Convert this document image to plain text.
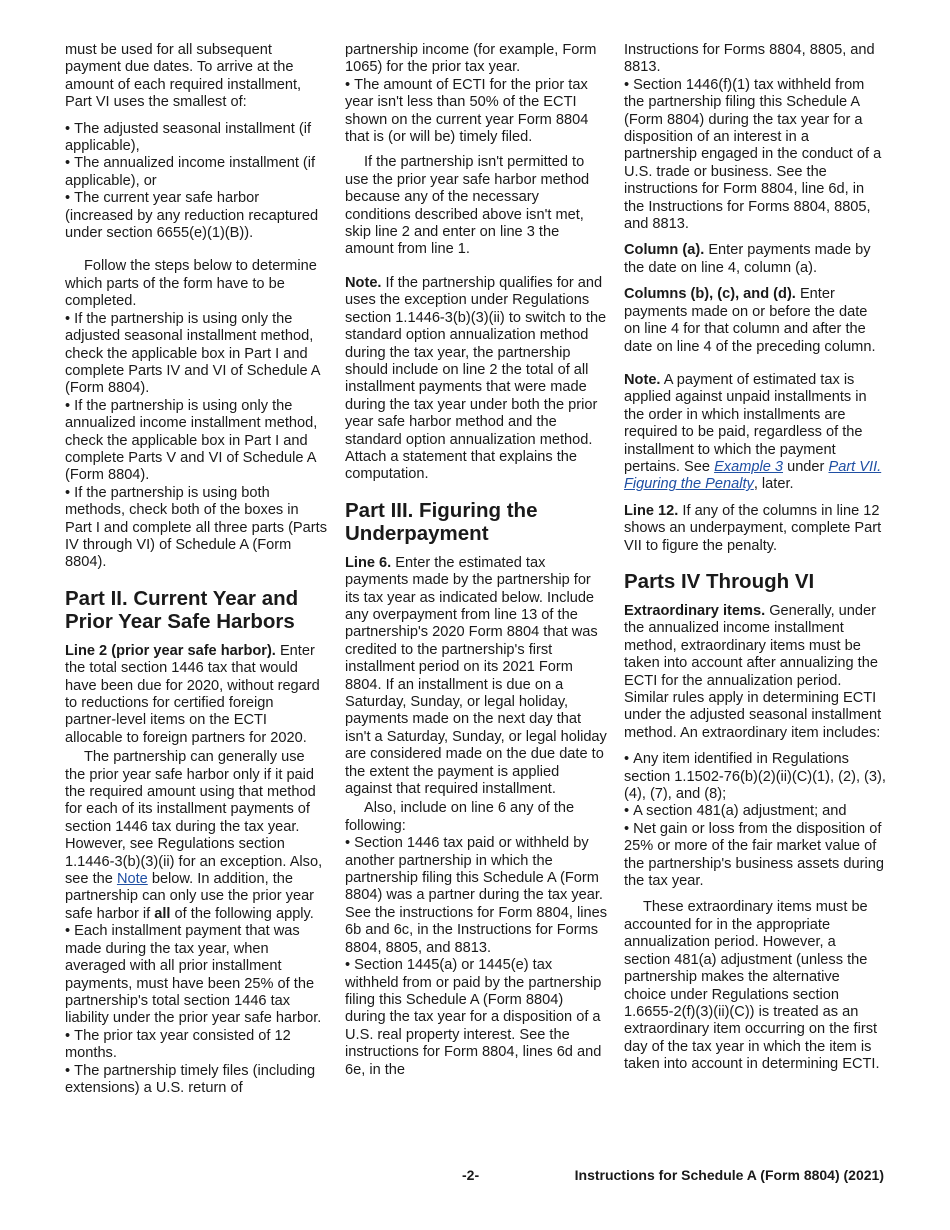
must be used for all subsequent payment due dates. To arrive at the amount of each required installment, Part VI uses the smallest of:

• The adjusted seasonal installment (if applicable),
• The annualized income installment (if applicable), or
• The current year safe harbor (increased by any reduction recaptured under section 6655(e)(1)(B)).

Follow the steps below to determine which parts of the form have to be completed.

• If the partnership is using only the adjusted seasonal installment method, check the applicable box in Part I and complete Parts IV and VI of Schedule A (Form 8804).
• If the partnership is using only the annualized income installment method, check the applicable box in Part I and complete Parts V and VI of Schedule A (Form 8804).
• If the partnership is using both methods, check both of the boxes in Part I and complete all three parts (Parts IV through VI) of Schedule A (Form 8804).
Part II. Current Year and Prior Year Safe Harbors

Line 2 (prior year safe harbor). Enter the total section 1446 tax that would have been due for 2020, without regard to reductions for certified foreign partner-level items on the ECTI allocable to foreign partners for 2020.

The partnership can generally use the prior year safe harbor only if it paid the required amount using that method for each of its installment payments of section 1446 tax during the tax year. However, see Regulations section 1.1446-3(b)(3)(ii) for an exception. Also, see the Note below. In addition, the partnership can only use the prior year safe harbor if all of the following apply.

• Each installment payment that was made during the tax year, when averaged with all prior installment payments, must have been 25% of the partnership's total section 1446 tax liability under the prior year safe harbor.
• The prior tax year consisted of 12 months.
• The partnership timely files (including extensions) a U.S. return of

partnership income (for example, Form 1065) for the prior tax year.

• The amount of ECTI for the prior tax year isn't less than 50% of the ECTI shown on the current year Form 8804 that is (or will be) timely filed.

If the partnership isn't permitted to use the prior year safe harbor method because any of the necessary conditions described above isn't met, skip line 2 and enter on line 3 the amount from line 1.

Note. If the partnership qualifies for and uses the exception under Regulations section 1.1446-3(b)(3)(ii) to switch to the standard option annualization method during the tax year, the partnership should include on line 2 the total of all installment payments that were made during the tax year under both the prior year safe harbor method and the standard option annualization method. Attach a statement that explains the computation.

Part III. Figuring the Underpayment

Line 6. Enter the estimated tax payments made by the partnership for its tax year as indicated below. Include any overpayment from line 13 of the partnership's 2020 Form 8804 that was credited to the partnership's first installment period on its 2021 Form 8804. If an installment is due on a Saturday, Sunday, or legal holiday, payments made on the next day that isn't a Saturday, Sunday, or legal holiday are considered made on the due date to the extent the payment is applied against that required installment.

Also, include on line 6 any of the following:

• Section 1446 tax paid or withheld by another partnership in which the partnership filing this Schedule A (Form 8804) was a partner during the tax year. See the instructions for Form 8804, lines 6b and 6c, in the Instructions for Forms 8804, 8805, and 8813.
• Section 1445(a) or 1445(e) tax withheld from or paid by the partnership filing this Schedule A (Form 8804) during the tax year for a disposition of a U.S. real property interest. See the instructions for Form 8804, lines 6d and 6e, in the

Instructions for Forms 8804, 8805, and 8813.

• Section 1446(f)(1) tax withheld from the partnership filing this Schedule A (Form 8804) during the tax year for a disposition of an interest in a partnership engaged in the conduct of a U.S. trade or business. See the instructions for Form 8804, line 6d, in the Instructions for Forms 8804, 8805, and 8813.

Column (a). Enter payments made by the date on line 4, column (a).

Columns (b), (c), and (d). Enter payments made on or before the date on line 4 for that column and after the date on line 4 of the preceding column.

Note. A payment of estimated tax is applied against unpaid installments in the order in which installments are required to be paid, regardless of the installment to which the payment pertains. See Example 3 under Part VII. Figuring the Penalty, later.

Line 12. If any of the columns in line 12 shows an underpayment, complete Part VII to figure the penalty.

Parts IV Through VI

Extraordinary items. Generally, under the annualized income installment method, extraordinary items must be taken into account after annualizing the ECTI for the annualization period. Similar rules apply in determining ECTI under the adjusted seasonal installment method. An extraordinary item includes:

• Any item identified in Regulations section 1.1502-76(b)(2)(ii)(C)(1), (2), (3), (4), (7), and (8);
• A section 481(a) adjustment; and
• Net gain or loss from the disposition of 25% or more of the fair market value of the partnership's business assets during the tax year.

These extraordinary items must be accounted for in the appropriate annualization period. However, a section 481(a) adjustment (unless the partnership makes the alternative choice under Regulations section 1.6655-2(f)(3)(ii)(C)) is treated as an extraordinary item occurring on the first day of the tax year in which the item is taken into account in determining ECTI.

-2-	Instructions for Schedule A (Form 8804) (2021)
